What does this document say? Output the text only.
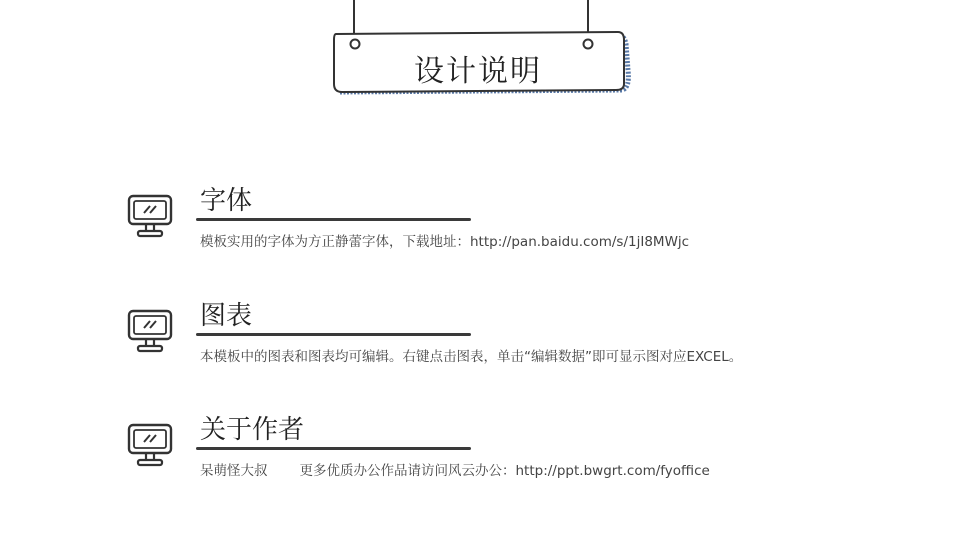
设计说明
字体
模板实用的字体为方正静蕾字体，下载地址：http://pan.baidu.com/s/1jI8MWjc
图表
本模板中的图表和图表均可编辑。右键点击图表，单击“编辑数据”即可显示图对应EXCEL。
关于作者
呆萌怪大叔 更多优质办公作品请访问风云办公：http://ppt.bwgrt.com/fyoffice
